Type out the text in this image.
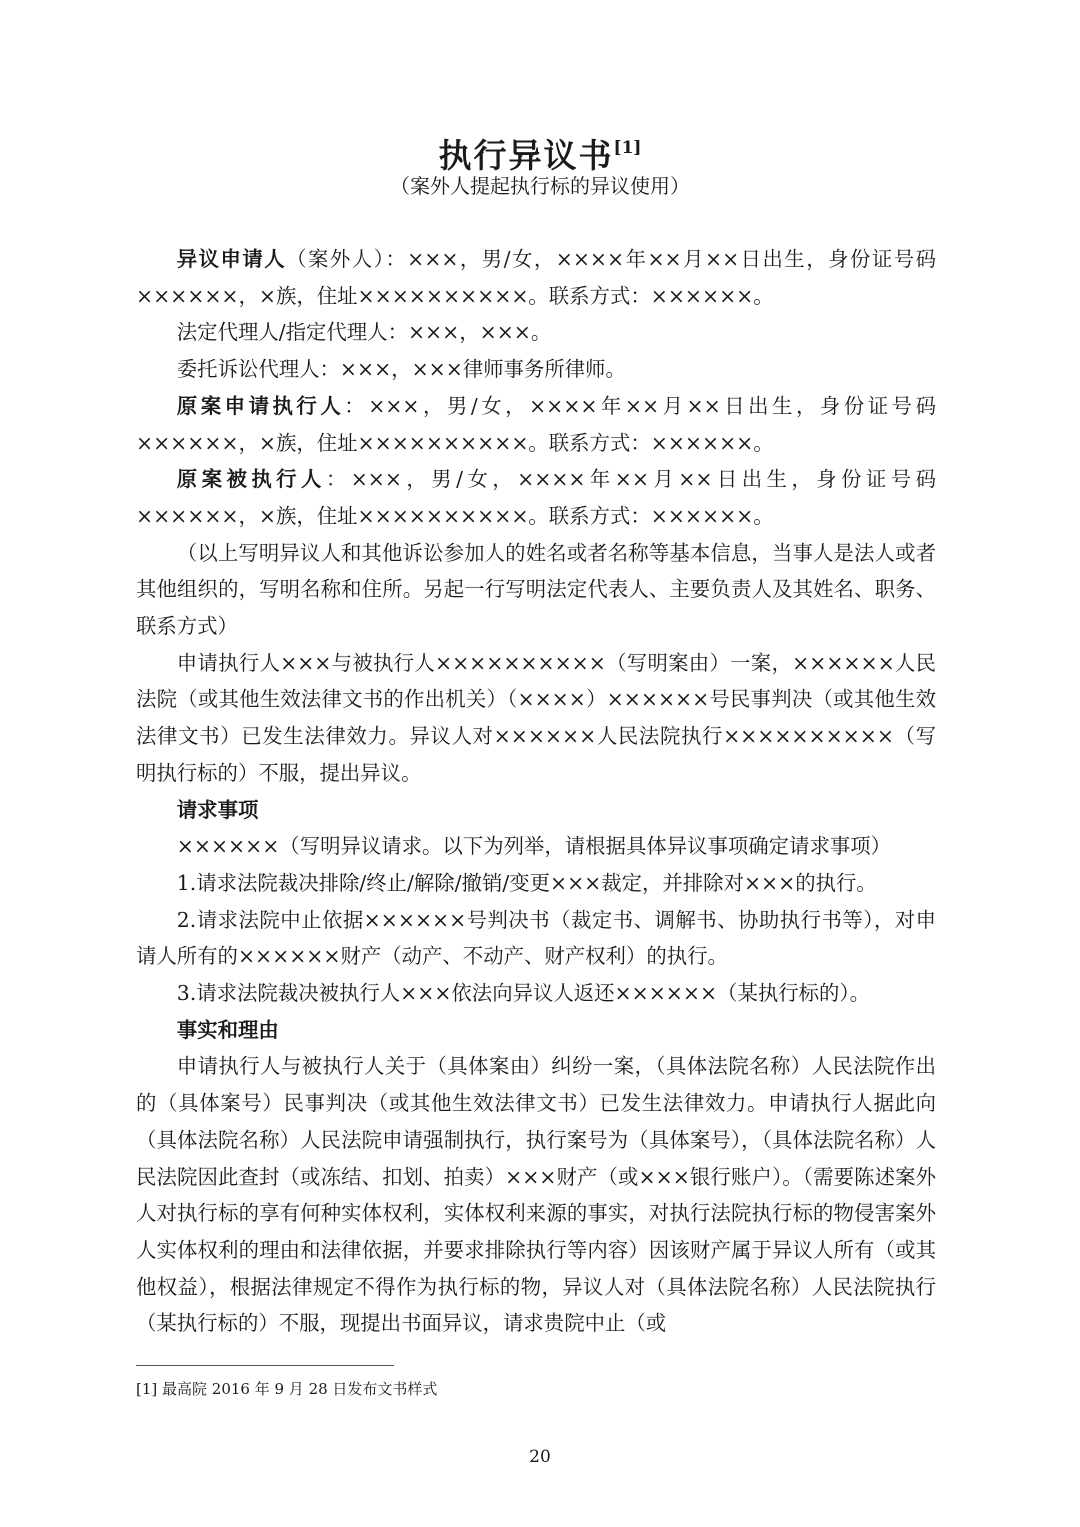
执行异议书[1]
（案外人提起执行标的异议使用）

异议申请人（案外人）：×××，男/女，××××年××月××日出生，身份证号码××××××，×族，住址××××××××××。联系方式：××××××。

法定代理人/指定代理人：×××，×××。

委托诉讼代理人：×××，×××律师事务所律师。

原案申请执行人：×××，男/女，××××年××月××日出生，身份证号码××××××，×族，住址××××××××××。联系方式：××××××。

原案被执行人：×××，男/女，××××年××月××日出生，身份证号码××××××，×族，住址××××××××××。联系方式：××××××。

（以上写明异议人和其他诉讼参加人的姓名或者名称等基本信息，当事人是法人或者其他组织的，写明名称和住所。另起一行写明法定代表人、主要负责人及其姓名、职务、联系方式）

申请执行人×××与被执行人××××××××××（写明案由）一案，××××××人民法院（或其他生效法律文书的作出机关）（××××）××××××号民事判决（或其他生效法律文书）已发生法律效力。异议人对××××××人民法院执行××××××××××（写明执行标的）不服，提出异议。

请求事项

××××××（写明异议请求。以下为列举，请根据具体异议事项确定请求事项）

1.请求法院裁决排除/终止/解除/撤销/变更×××裁定，并排除对×××的执行。

2.请求法院中止依据××××××号判决书（裁定书、调解书、协助执行书等），对申请人所有的××××××财产（动产、不动产、财产权利）的执行。

3.请求法院裁决被执行人×××依法向异议人返还××××××（某执行标的）。

事实和理由

申请执行人与被执行人关于（具体案由）纠纷一案，（具体法院名称）人民法院作出的（具体案号）民事判决（或其他生效法律文书）已发生法律效力。申请执行人据此向（具体法院名称）人民法院申请强制执行，执行案号为（具体案号），（具体法院名称）人民法院因此查封（或冻结、扣划、拍卖）×××财产（或×××银行账户）。（需要陈述案外人对执行标的享有何种实体权利，实体权利来源的事实，对执行法院执行标的物侵害案外人实体权利的理由和法律依据，并要求排除执行等内容）因该财产属于异议人所有（或其他权益），根据法律规定不得作为执行标的物，异议人对（具体法院名称）人民法院执行（某执行标的）不服，现提出书面异议，请求贵院中止（或

[1] 最高院 2016 年 9 月 28 日发布文书样式
20
